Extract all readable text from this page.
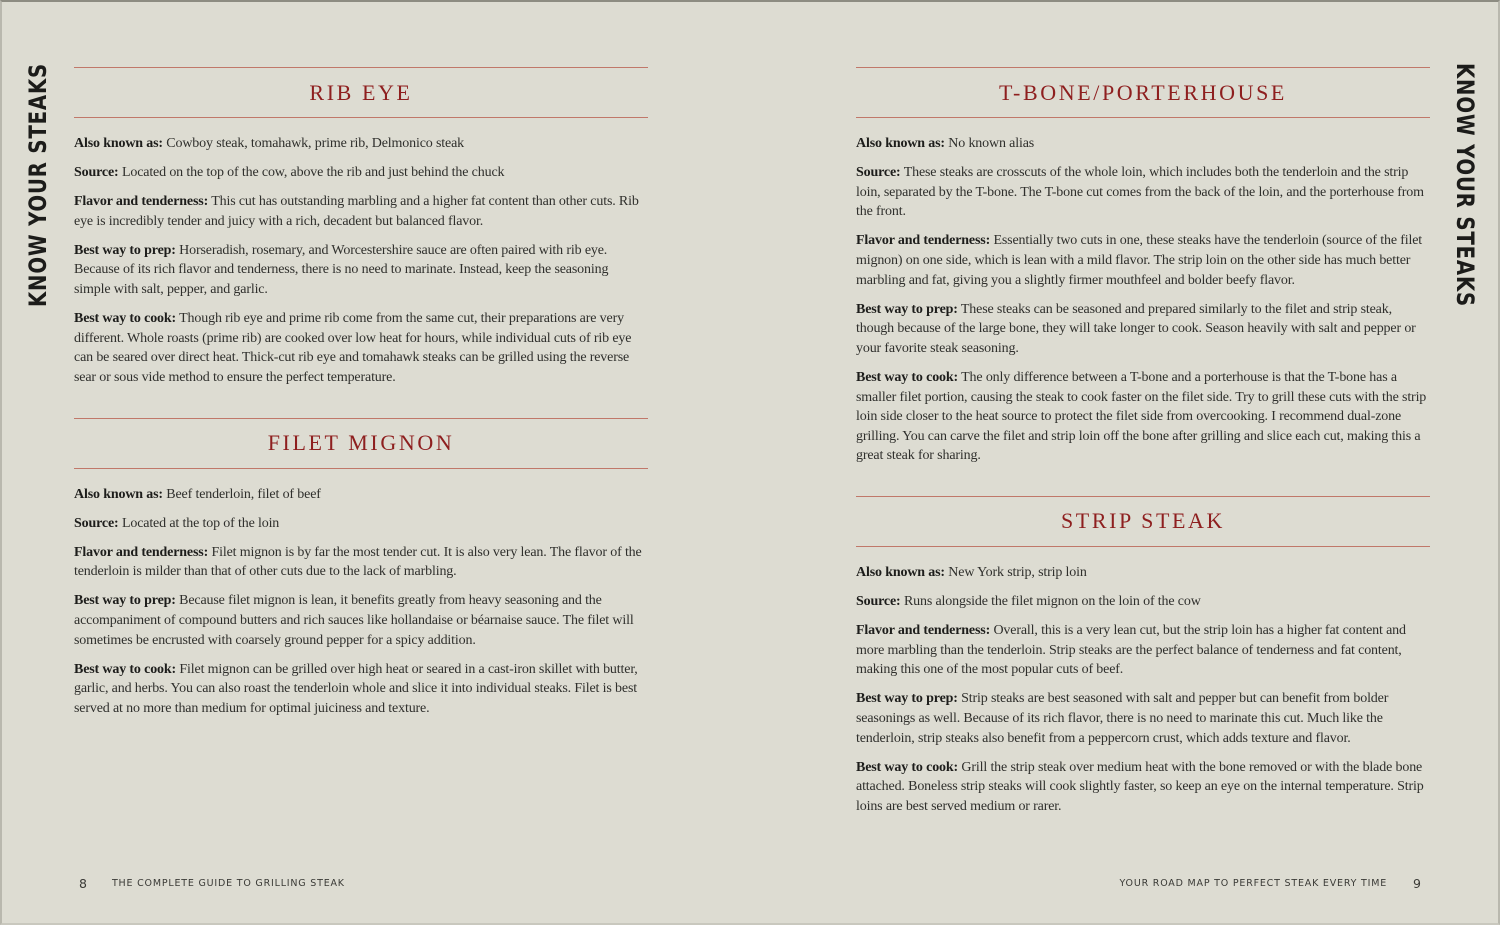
KNOW YOUR STEAKS	KNOW YOUR STEAKS
RIB EYE

Also known as: Cowboy steak, tomahawk, prime rib, Delmonico steak

Source: Located on the top of the cow, above the rib and just behind the chuck

Flavor and tenderness: This cut has outstanding marbling and a higher fat content than other cuts. Rib eye is incredibly tender and juicy with a rich, decadent but balanced flavor.

Best way to prep: Horseradish, rosemary, and Worcestershire sauce are often paired with rib eye. Because of its rich flavor and tenderness, there is no need to marinate. Instead, keep the seasoning simple with salt, pepper, and garlic.

Best way to cook: Though rib eye and prime rib come from the same cut, their preparations are very different. Whole roasts (prime rib) are cooked over low heat for hours, while individual cuts of rib eye can be seared over direct heat. Thick-cut rib eye and tomahawk steaks can be grilled using the reverse sear or sous vide method to ensure the perfect temperature.

FILET MIGNON

Also known as: Beef tenderloin, filet of beef

Source: Located at the top of the loin

Flavor and tenderness: Filet mignon is by far the most tender cut. It is also very lean. The flavor of the tenderloin is milder than that of other cuts due to the lack of marbling.

Best way to prep: Because filet mignon is lean, it benefits greatly from heavy seasoning and the accompaniment of compound butters and rich sauces like hollandaise or béarnaise sauce. The filet will sometimes be encrusted with coarsely ground pepper for a spicy addition.

Best way to cook: Filet mignon can be grilled over high heat or seared in a cast-iron skillet with butter, garlic, and herbs. You can also roast the tenderloin whole and slice it into individual steaks. Filet is best served at no more than medium for optimal juiciness and texture.

T-BONE/PORTERHOUSE

Also known as: No known alias

Source: These steaks are crosscuts of the whole loin, which includes both the tenderloin and the strip loin, separated by the T-bone. The T-bone cut comes from the back of the loin, and the porterhouse from the front.

Flavor and tenderness: Essentially two cuts in one, these steaks have the tenderloin (source of the filet mignon) on one side, which is lean with a mild flavor. The strip loin on the other side has much better marbling and fat, giving you a slightly firmer mouthfeel and bolder beefy flavor.

Best way to prep: These steaks can be seasoned and prepared similarly to the filet and strip steak, though because of the large bone, they will take longer to cook. Season heavily with salt and pepper or your favorite steak seasoning.

Best way to cook: The only difference between a T-bone and a porterhouse is that the T-bone has a smaller filet portion, causing the steak to cook faster on the filet side. Try to grill these cuts with the strip loin side closer to the heat source to protect the filet side from overcooking. I recommend dual-zone grilling. You can carve the filet and strip loin off the bone after grilling and slice each cut, making this a great steak for sharing.

STRIP STEAK

Also known as: New York strip, strip loin

Source: Runs alongside the filet mignon on the loin of the cow

Flavor and tenderness: Overall, this is a very lean cut, but the strip loin has a higher fat content and more marbling than the tenderloin. Strip steaks are the perfect balance of tenderness and fat content, making this one of the most popular cuts of beef.

Best way to prep: Strip steaks are best seasoned with salt and pepper but can benefit from bolder seasonings as well. Because of its rich flavor, there is no need to marinate this cut. Much like the tenderloin, strip steaks also benefit from a peppercorn crust, which adds texture and flavor.

Best way to cook: Grill the strip steak over medium heat with the bone removed or with the blade bone attached. Boneless strip steaks will cook slightly faster, so keep an eye on the internal temperature. Strip loins are best served medium or rarer.

8	THE COMPLETE GUIDE TO GRILLING STEAK	YOUR ROAD MAP TO PERFECT STEAK EVERY TIME 9
